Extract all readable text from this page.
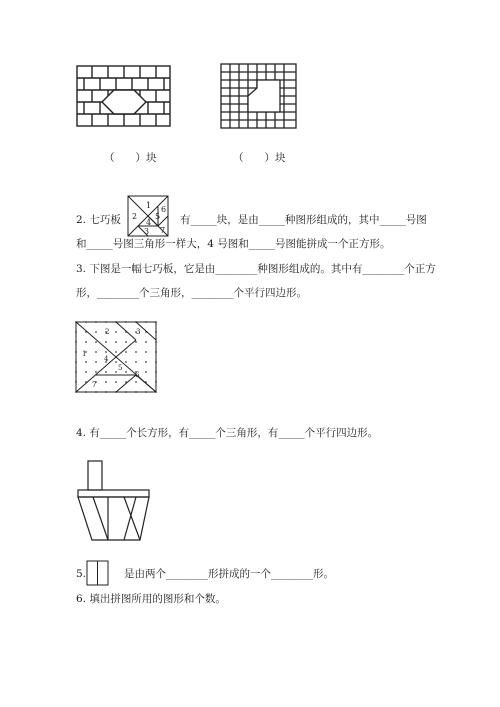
（　　）块	（　　）块
2. 七巧板
1
2
3
4
5
6
7
有_____块，是由_____种图形组成的，其中_____号图
和_____号图三角形一样大，4 号图和_____号图能拼成一个正方形。
3. 下图是一幅七巧板，它是由________种图形组成的。其中有________个正方
形，________个三角形，________个平行四边形。
1
2	3
4
5
6
7
4. 有_____个长方形，有_____个三角形，有_____个平行四边形。
5.	是由两个________形拼成的一个________形。
6. 填出拼图所用的图形和个数。
